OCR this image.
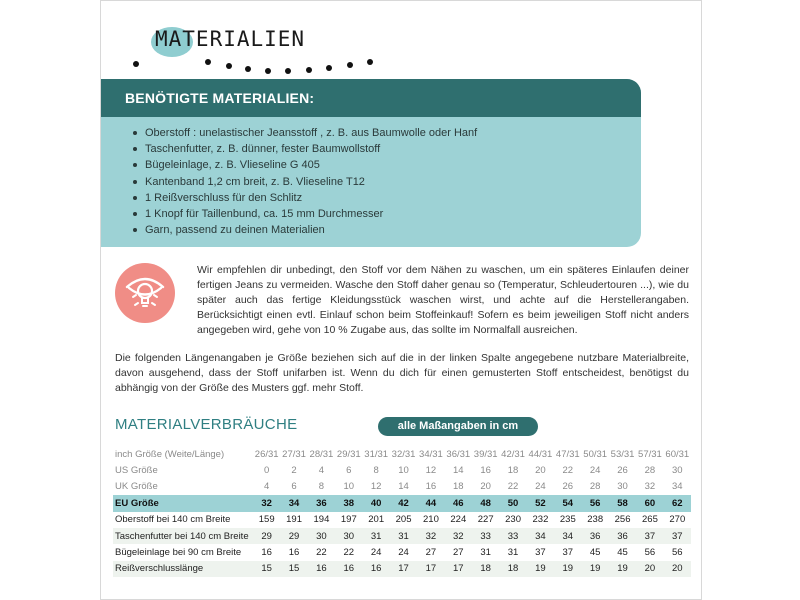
MATERIALIEN
BENÖTIGTE MATERIALIEN:
Oberstoff : unelastischer Jeansstoff , z. B. aus Baumwolle oder Hanf
Taschenfutter, z. B. dünner, fester Baumwollstoff
Bügeleinlage, z. B. Vlieseline G 405
Kantenband 1,2 cm breit, z. B. Vlieseline T12
1 Reißverschluss für den Schlitz
1 Knopf für Taillenbund, ca. 15 mm Durchmesser
Garn, passend zu deinen Materialien
Wir empfehlen dir unbedingt, den Stoff vor dem Nähen zu waschen, um ein späteres Einlaufen deiner fertigen Jeans zu vermeiden. Wasche den Stoff daher genau so (Temperatur, Schleudertouren ...), wie du später auch das fertige Kleidungsstück waschen wirst, und achte auf die Herstellerangaben. Berücksichtigt einen evtl. Einlauf schon beim Stoffeinkauf! Sofern es beim jeweiligen Stoff nicht anders angegeben wird, gehe von 10 % Zugabe aus, das sollte im Normalfall ausreichen.
Die folgenden Längenangaben je Größe beziehen sich auf die in der linken Spalte angegebene nutzbare Materialbreite, davon ausgehend, dass der Stoff unifarben ist. Wenn du dich für einen gemusterten Stoff entscheidest, benötigst du abhängig von der Größe des Musters ggf. mehr Stoff.
MATERIALVERBRÄUCHE	alle Maßangaben in cm
inch Größe (Weite/Länge)	26/31	27/31	28/31	29/31	31/31	32/31	34/31	36/31	39/31	42/31	44/31	47/31	50/31	53/31	57/31	60/31
US Größe	0	2	4	6	8	10	12	14	16	18	20	22	24	26	28	30
UK Größe	4	6	8	10	12	14	16	18	20	22	24	26	28	30	32	34
EU Größe	32	34	36	38	40	42	44	46	48	50	52	54	56	58	60	62
Oberstoff bei 140 cm Breite	159	191	194	197	201	205	210	224	227	230	232	235	238	256	265	270
Taschenfutter bei 140 cm Breite	29	29	30	30	31	31	32	32	33	33	34	34	36	36	37	37
Bügeleinlage bei 90 cm Breite	16	16	22	22	24	24	27	27	31	31	37	37	45	45	56	56
Reißverschlusslänge	15	15	16	16	16	17	17	17	18	18	19	19	19	19	20	20
